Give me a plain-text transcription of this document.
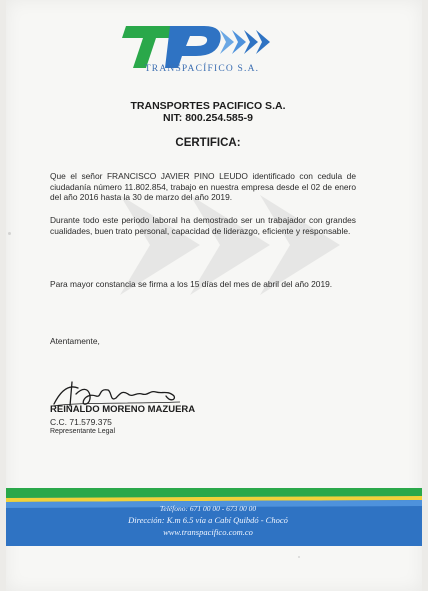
TRANSPACÍFICO S.A.
TRANSPORTES PACIFICO S.A.
NIT: 800.254.585-9
CERTIFICA:
Que el señor FRANCISCO JAVIER PINO LEUDO identificado con cedula de ciudadanía número 11.802.854, trabajo en nuestra empresa desde el 02 de enero del año 2016 hasta la 30 de marzo del año 2019.
Durante todo este periodo laboral ha demostrado ser un trabajador con grandes cualidades, buen trato personal, capacidad de liderazgo, eficiente y responsable.
Para mayor constancia se firma a los 15 días del mes de abril del año 2019.
Atentamente,
REINALDO MORENO MAZUERA
C.C. 71.579.375
Representante Legal
Teléfono: 671 00 00 - 673 00 00
Dirección: K.m 6.5 vía a Cabí Quibdó - Chocó
www.transpacifico.com.co
